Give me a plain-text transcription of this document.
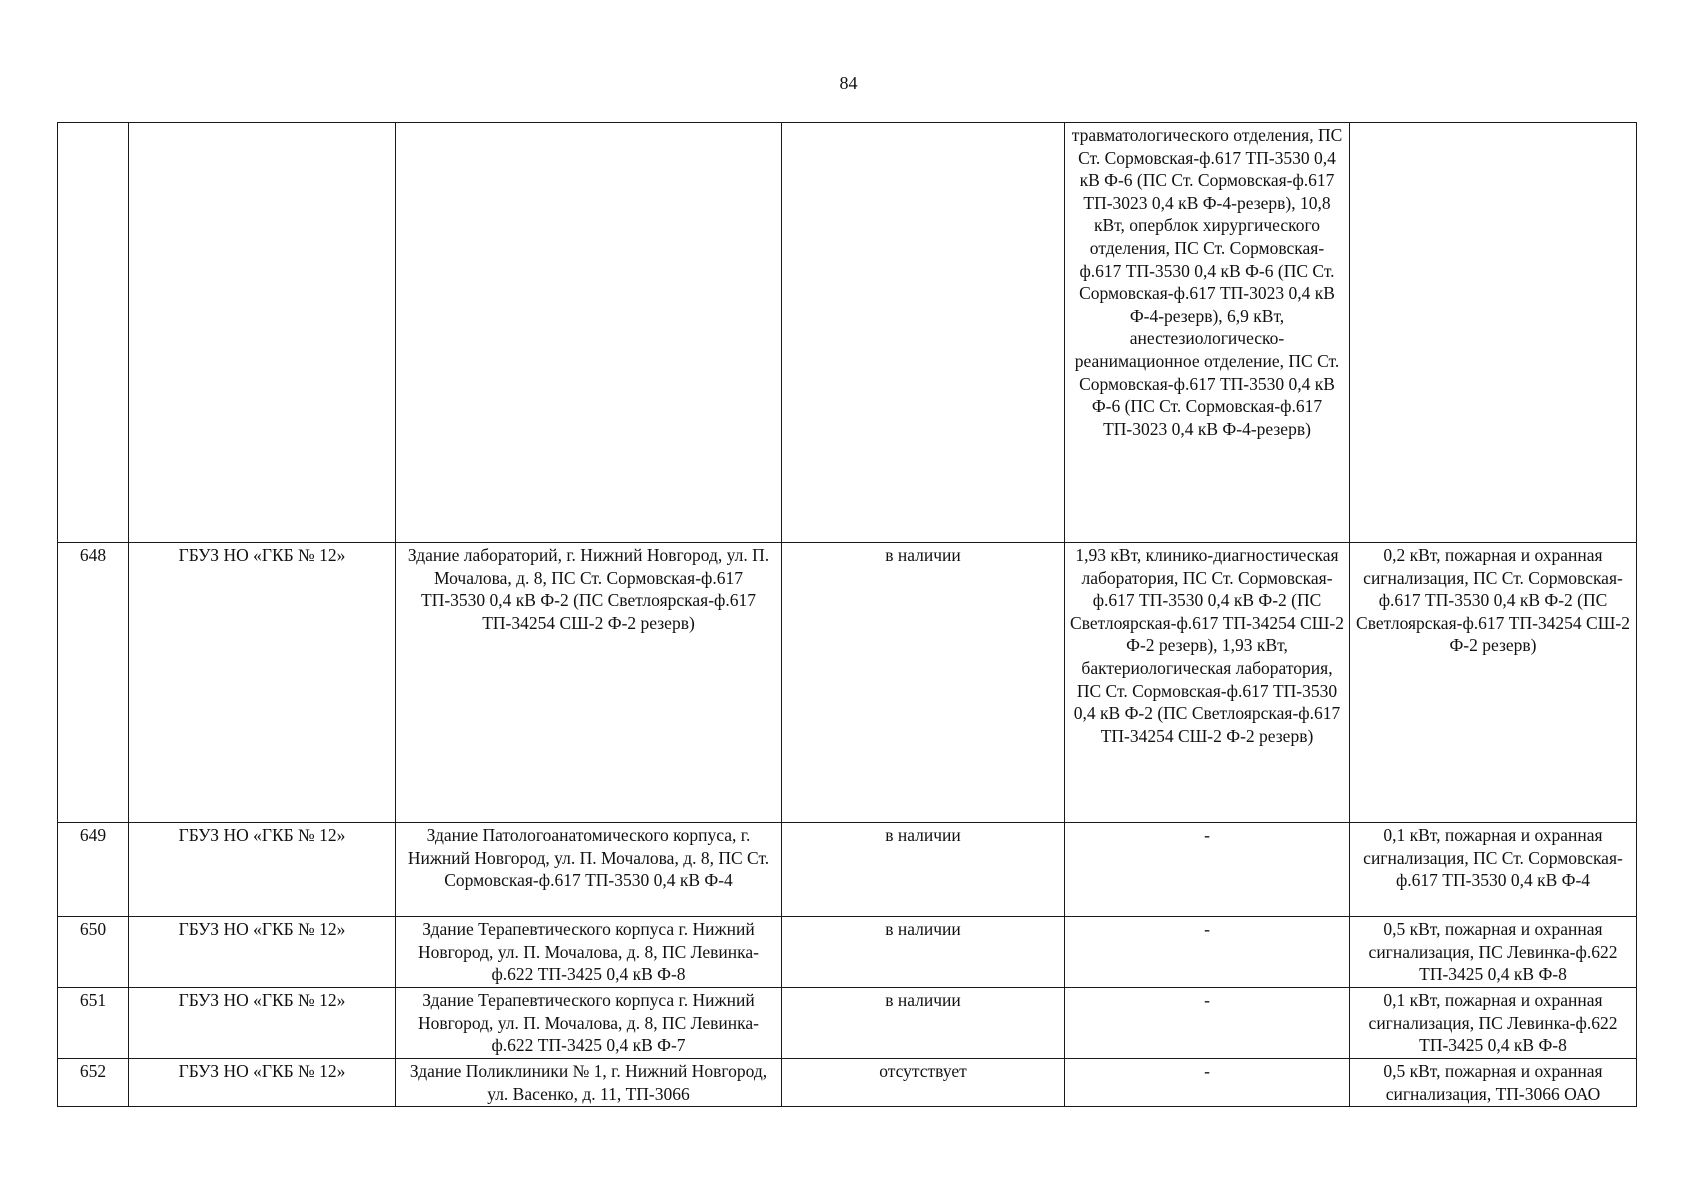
84

				травматологического отделения, ПС Ст. Сормовская-ф.617 ТП-3530 0,4 кВ Ф-6 (ПС Ст. Сормовская-ф.617 ТП-3023 0,4 кВ Ф-4-резерв), 10,8 кВт, оперблок хирургического отделения, ПС Ст. Сормовская-ф.617 ТП-3530 0,4 кВ Ф-6 (ПС Ст. Сормовская-ф.617 ТП-3023 0,4 кВ Ф-4-резерв), 6,9 кВт, анестезиологическо-реанимационное отделение, ПС Ст. Сормовская-ф.617 ТП-3530 0,4 кВ Ф-6 (ПС Ст. Сормовская-ф.617 ТП-3023 0,4 кВ Ф-4-резерв)	

648	ГБУЗ НО «ГКБ № 12»	Здание лабораторий, г. Нижний Новгород, ул. П. Мочалова, д. 8, ПС Ст. Сормовская-ф.617 ТП-3530 0,4 кВ Ф-2 (ПС Светлоярская-ф.617 ТП-34254 СШ-2 Ф-2 резерв)	в наличии	1,93 кВт, клинико-диагностическая лаборатория, ПС Ст. Сормовская-ф.617 ТП-3530 0,4 кВ Ф-2 (ПС Светлоярская-ф.617 ТП-34254 СШ-2 Ф-2 резерв), 1,93 кВт, бактериологическая лаборатория, ПС Ст. Сормовская-ф.617 ТП-3530 0,4 кВ Ф-2 (ПС Светлоярская-ф.617 ТП-34254 СШ-2 Ф-2 резерв)	0,2 кВт, пожарная и охранная сигнализация, ПС Ст. Сормовская-ф.617 ТП-3530 0,4 кВ Ф-2 (ПС Светлоярская-ф.617 ТП-34254 СШ-2 Ф-2 резерв)

649	ГБУЗ НО «ГКБ № 12»	Здание Патологоанатомического корпуса, г. Нижний Новгород, ул. П. Мочалова, д. 8, ПС Ст. Сормовская-ф.617 ТП-3530 0,4 кВ Ф-4	в наличии	-	0,1 кВт, пожарная и охранная сигнализация, ПС Ст. Сормовская-ф.617 ТП-3530 0,4 кВ Ф-4

650	ГБУЗ НО «ГКБ № 12»	Здание Терапевтического корпуса г. Нижний Новгород, ул. П. Мочалова, д. 8, ПС Левинка-ф.622 ТП-3425 0,4 кВ Ф-8	в наличии	-	0,5 кВт, пожарная и охранная сигнализация, ПС Левинка-ф.622 ТП-3425 0,4 кВ Ф-8

651	ГБУЗ НО «ГКБ № 12»	Здание Терапевтического корпуса г. Нижний Новгород, ул. П. Мочалова, д. 8, ПС Левинка-ф.622 ТП-3425 0,4 кВ Ф-7	в наличии	-	0,1 кВт, пожарная и охранная сигнализация, ПС Левинка-ф.622 ТП-3425 0,4 кВ Ф-8

652	ГБУЗ НО «ГКБ № 12»	Здание Поликлиники № 1, г. Нижний Новгород, ул. Васенко, д. 11, ТП-3066	отсутствует	-	0,5 кВт, пожарная и охранная сигнализация, ТП-3066 ОАО
